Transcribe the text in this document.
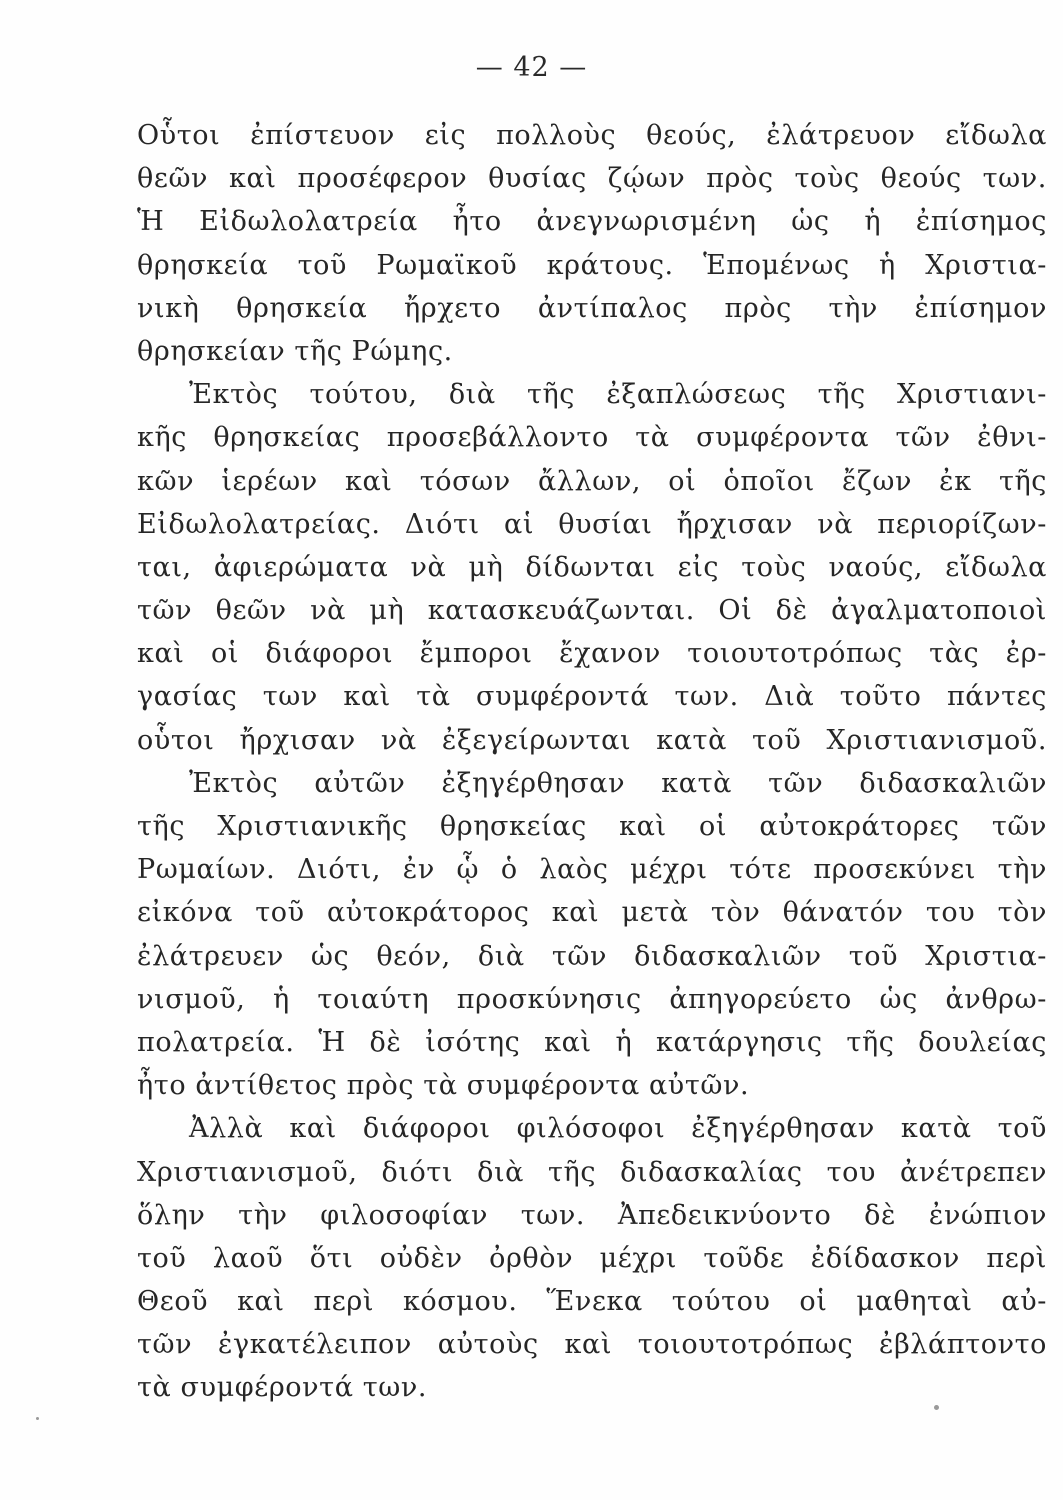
— 42 —
Οὗτοι ἐπίστευον εἰς πολλοὺς θεούς, ἐλάτρευον εἴδωλα
θεῶν καὶ προσέφερον θυσίας ζῴων πρὸς τοὺς θεούς των.
Ἡ Εἰδωλολατρεία ἦτο ἀνεγνωρισμένη ὡς ἡ ἐπίσημος
θρησκεία τοῦ Ρωμαϊκοῦ κράτους. Ἑπομένως ἡ Χριστια-
νικὴ θρησκεία ἤρχετο ἀντίπαλος πρὸς τὴν ἐπίσημον
θρησκείαν τῆς Ρώμης.
Ἐκτὸς τούτου, διὰ τῆς ἐξαπλώσεως τῆς Χριστιανι-
κῆς θρησκείας προσεβάλλοντο τὰ συμφέροντα τῶν ἐθνι-
κῶν ἱερέων καὶ τόσων ἄλλων, οἱ ὁποῖοι ἔζων ἐκ τῆς
Εἰδωλολατρείας. Διότι αἱ θυσίαι ἤρχισαν νὰ περιορίζων-
ται, ἀφιερώματα νὰ μὴ δίδωνται εἰς τοὺς ναούς, εἴδωλα
τῶν θεῶν νὰ μὴ κατασκευάζωνται. Οἱ δὲ ἀγαλματοποιοὶ
καὶ οἱ διάφοροι ἔμποροι ἔχανον τοιουτοτρόπως τὰς ἐρ-
γασίας των καὶ τὰ συμφέροντά των. Διὰ τοῦτο πάντες
οὗτοι ἤρχισαν νὰ ἐξεγείρωνται κατὰ τοῦ Χριστιανισμοῦ.
Ἐκτὸς αὐτῶν ἐξηγέρθησαν κατὰ τῶν διδασκαλιῶν
τῆς Χριστιανικῆς θρησκείας καὶ οἱ αὐτοκράτορες τῶν
Ρωμαίων. Διότι, ἐν ᾧ ὁ λαὸς μέχρι τότε προσεκύνει τὴν
εἰκόνα τοῦ αὐτοκράτορος καὶ μετὰ τὸν θάνατόν του τὸν
ἐλάτρευεν ὡς θεόν, διὰ τῶν διδασκαλιῶν τοῦ Χριστια-
νισμοῦ, ἡ τοιαύτη προσκύνησις ἀπηγορεύετο ὡς ἀνθρω-
πολατρεία. Ἡ δὲ ἰσότης καὶ ἡ κατάργησις τῆς δουλείας
ἦτο ἀντίθετος πρὸς τὰ συμφέροντα αὐτῶν.
Ἀλλὰ καὶ διάφοροι φιλόσοφοι ἐξηγέρθησαν κατὰ τοῦ
Χριστιανισμοῦ, διότι διὰ τῆς διδασκαλίας του ἀνέτρεπεν
ὅλην τὴν φιλοσοφίαν των. Ἀπεδεικνύοντο δὲ ἐνώπιον
τοῦ λαοῦ ὅτι οὐδὲν ὀρθὸν μέχρι τοῦδε ἐδίδασκον περὶ
Θεοῦ καὶ περὶ κόσμου. Ἕνεκα τούτου οἱ μαθηταὶ αὐ-
τῶν ἐγκατέλειπον αὐτοὺς καὶ τοιουτοτρόπως ἐβλάπτοντο
τὰ συμφέροντά των.
